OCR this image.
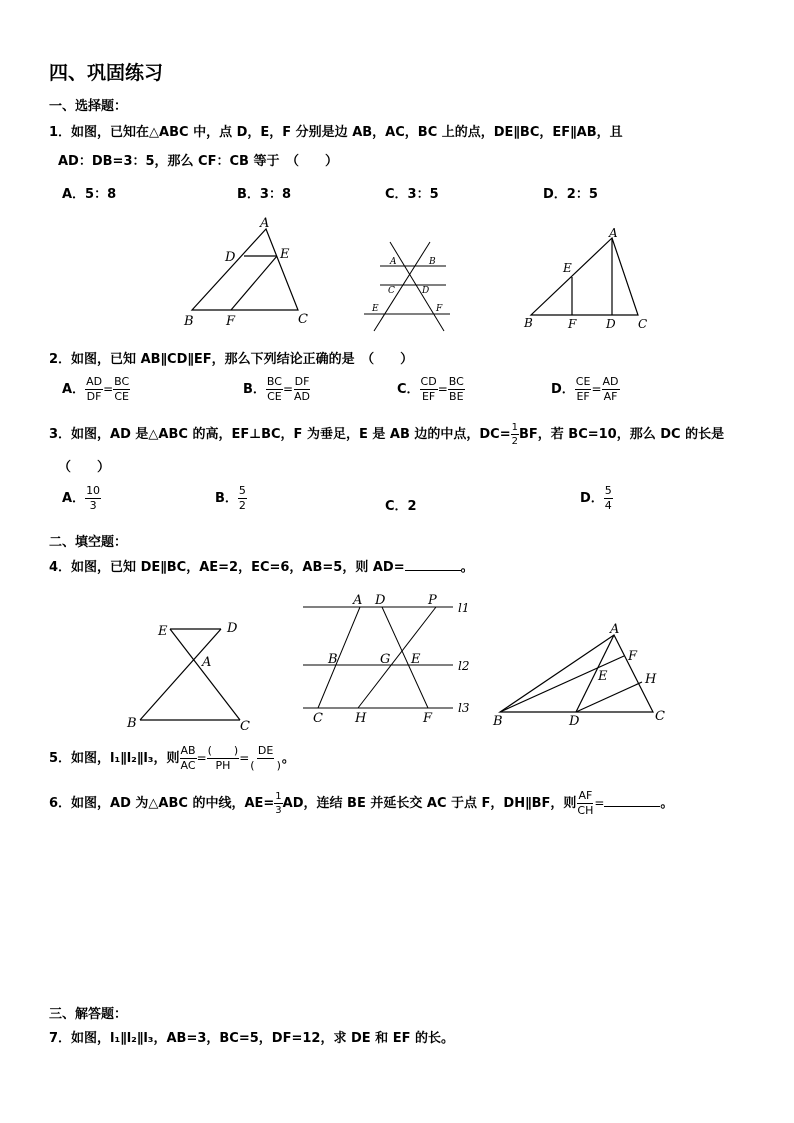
四、巩固练习
一、选择题：
1．如图，已知在△ABC 中，点 D，E，F 分别是边 AB，AC，BC 上的点，DE∥BC，EF∥AB，且
AD：DB=3：5，那么 CF：CB 等于　（　　）
A．5：8	B．3：8	C．3：5	D．2：5
A
D	E
B F	C
A	B
C	D
E	F
A
E
B	F D C
2．如图，已知 AB∥CD∥EF，那么下列结论正确的是　（　　）
A． $\frac{AD}{DF} = \frac{BC}{CE}$	B． $\frac{BC}{CE} = \frac{DF}{AD}$	C． $\frac{CD}{EF} = \frac{BC}{BE}$	D． $\frac{CE}{EF} = \frac{AD}{AF}$
3．如图，AD 是△ABC 的高，EF⊥BC，F 为垂足，E 是 AB 边的中点，$DC= \frac{1}{2}$ BF，若 BC=10，那么 DC 的长是
（　　）
A． $\frac{10}{3}$	B． $\frac{5}{2}$	C．2
D． $\frac{5}{4}$
二、填空题：
4．如图，已知 DE∥BC，AE=2，EC=6，AB=5，则 AD=	。
E	D
A
B	C
A D	P l1
B	G E	l2
C H	F
l3
A
F
H
E
B	D	C
5．如图，l₁∥l₂∥l₃，则 $\frac{AB}{AC} = \frac{( )}{PH} = \frac{DE}{( )}$ 。
6．如图，AD 为△ABC 的中线，$AE= \frac{1}{3}$ AD，连结 BE 并延长交 AC 于点 F，DH∥BF，则 $\frac{AF}{CH}$ =	。
三、解答题：
7．如图，l₁∥l₂∥l₃，AB=3，BC=5，DF=12，求 DE 和 EF 的长。
